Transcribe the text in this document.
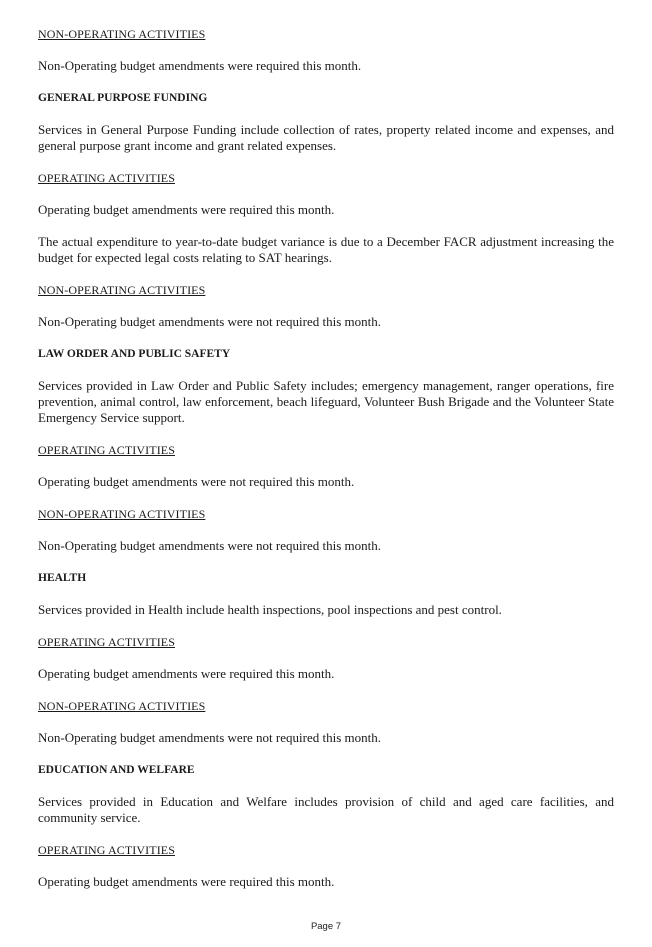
NON-OPERATING ACTIVITIES

Non-Operating budget amendments were required this month.

GENERAL PURPOSE FUNDING

Services in General Purpose Funding include collection of rates, property related income and expenses, and general purpose grant income and grant related expenses.

OPERATING ACTIVITIES

Operating budget amendments were required this month.

The actual expenditure to year-to-date budget variance is due to a December FACR adjustment increasing the budget for expected legal costs relating to SAT hearings.

NON-OPERATING ACTIVITIES

Non-Operating budget amendments were not required this month.

LAW ORDER AND PUBLIC SAFETY

Services provided in Law Order and Public Safety includes; emergency management, ranger operations, fire prevention, animal control, law enforcement, beach lifeguard, Volunteer Bush Brigade and the Volunteer State Emergency Service support.

OPERATING ACTIVITIES

Operating budget amendments were not required this month.

NON-OPERATING ACTIVITIES

Non-Operating budget amendments were not required this month.

HEALTH

Services provided in Health include health inspections, pool inspections and pest control.

OPERATING ACTIVITIES

Operating budget amendments were required this month.

NON-OPERATING ACTIVITIES

Non-Operating budget amendments were not required this month.

EDUCATION AND WELFARE

Services provided in Education and Welfare includes provision of child and aged care facilities, and community service.

OPERATING ACTIVITIES

Operating budget amendments were required this month.

Page 7
